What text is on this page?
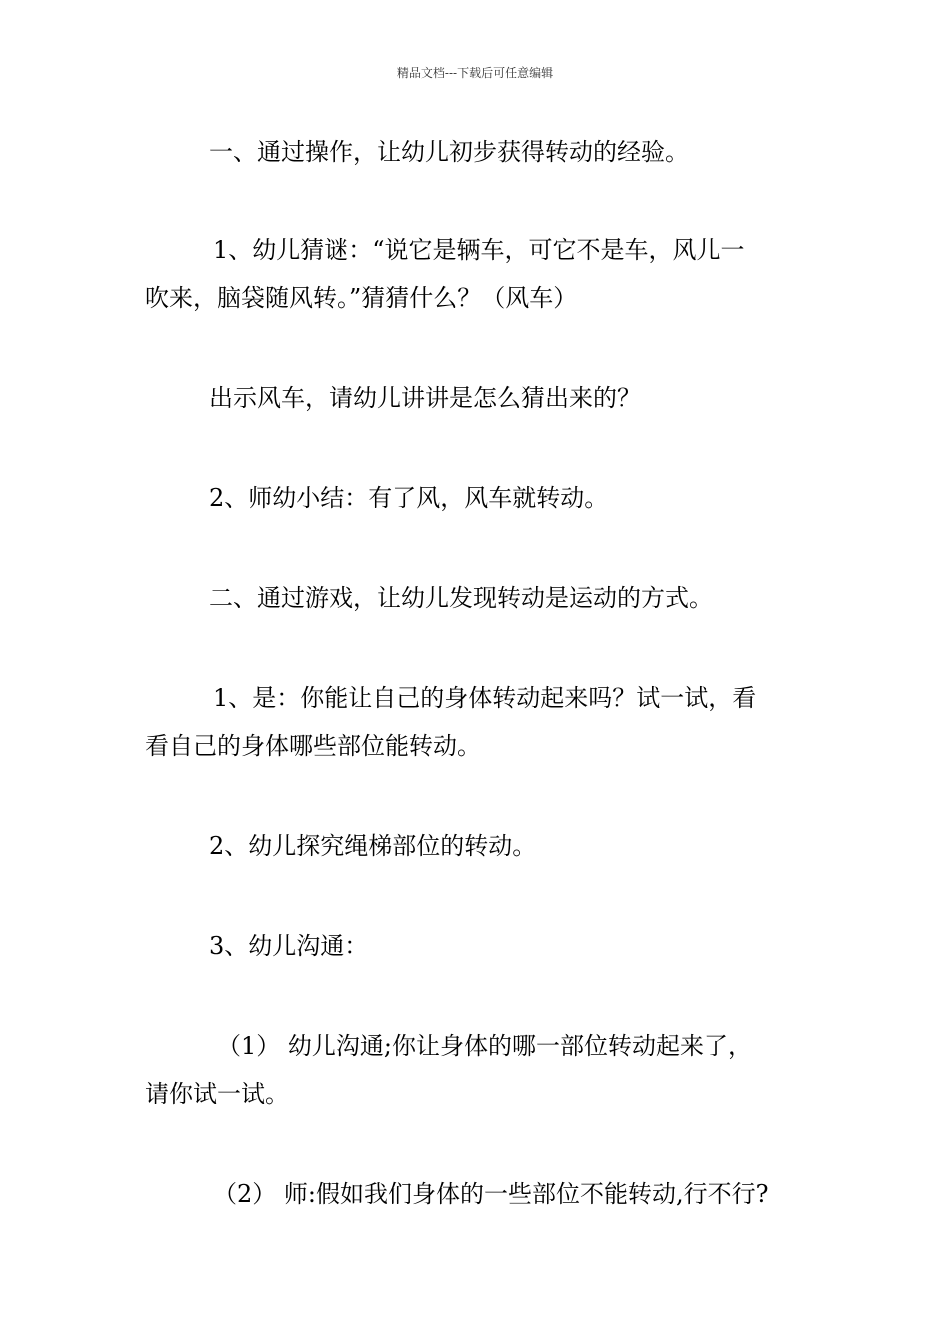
精品文档---下载后可任意编辑
一、通过操作，让幼儿初步获得转动的经验。
1、幼儿猜谜：“说它是辆车，可它不是车，风儿一
吹来，脑袋随风转。”猜猜什么？（风车）
出示风车，请幼儿讲讲是怎么猜出来的？
2、师幼小结：有了风，风车就转动。
二、通过游戏，让幼儿发现转动是运动的方式。
1、是：你能让自己的身体转动起来吗？试一试，看
看自己的身体哪些部位能转动。
2、幼儿探究绳梯部位的转动。
3、幼儿沟通：
（1） 幼儿沟通;你让身体的哪一部位转动起来了，
请你试一试。
（2） 师:假如我们身体的一些部位不能转动,行不行?
